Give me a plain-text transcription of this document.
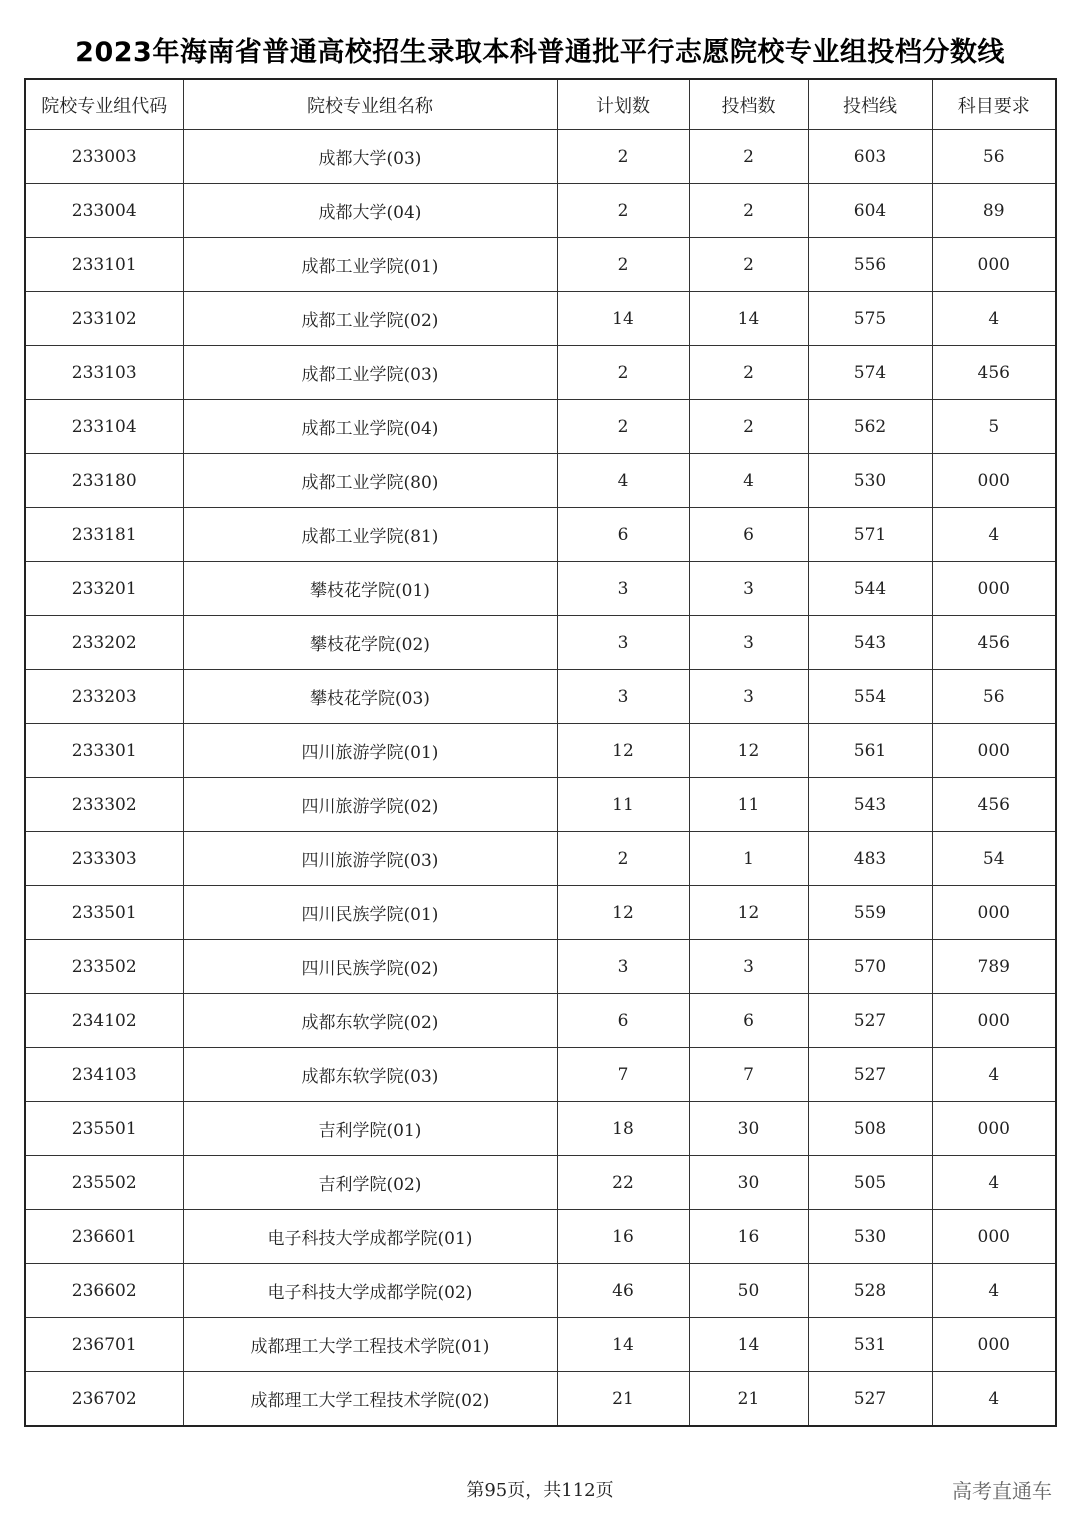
2023年海南省普通高校招生录取本科普通批平行志愿院校专业组投档分数线
院校专业组代码	院校专业组名称	计划数	投档数	投档线	科目要求
233003	成都大学(03)	2	2	603	56
233004	成都大学(04)	2	2	604	89
233101	成都工业学院(01)	2	2	556	000
233102	成都工业学院(02)	14	14	575	4
233103	成都工业学院(03)	2	2	574	456
233104	成都工业学院(04)	2	2	562	5
233180	成都工业学院(80)	4	4	530	000
233181	成都工业学院(81)	6	6	571	4
233201	攀枝花学院(01)	3	3	544	000
233202	攀枝花学院(02)	3	3	543	456
233203	攀枝花学院(03)	3	3	554	56
233301	四川旅游学院(01)	12	12	561	000
233302	四川旅游学院(02)	11	11	543	456
233303	四川旅游学院(03)	2	1	483	54
233501	四川民族学院(01)	12	12	559	000
233502	四川民族学院(02)	3	3	570	789
234102	成都东软学院(02)	6	6	527	000
234103	成都东软学院(03)	7	7	527	4
235501	吉利学院(01)	18	30	508	000
235502	吉利学院(02)	22	30	505	4
236601	电子科技大学成都学院(01)	16	16	530	000
236602	电子科技大学成都学院(02)	46	50	528	4
236701	成都理工大学工程技术学院(01)	14	14	531	000
236702	成都理工大学工程技术学院(02)	21	21	527	4
第95页，共112页	高考直通车
